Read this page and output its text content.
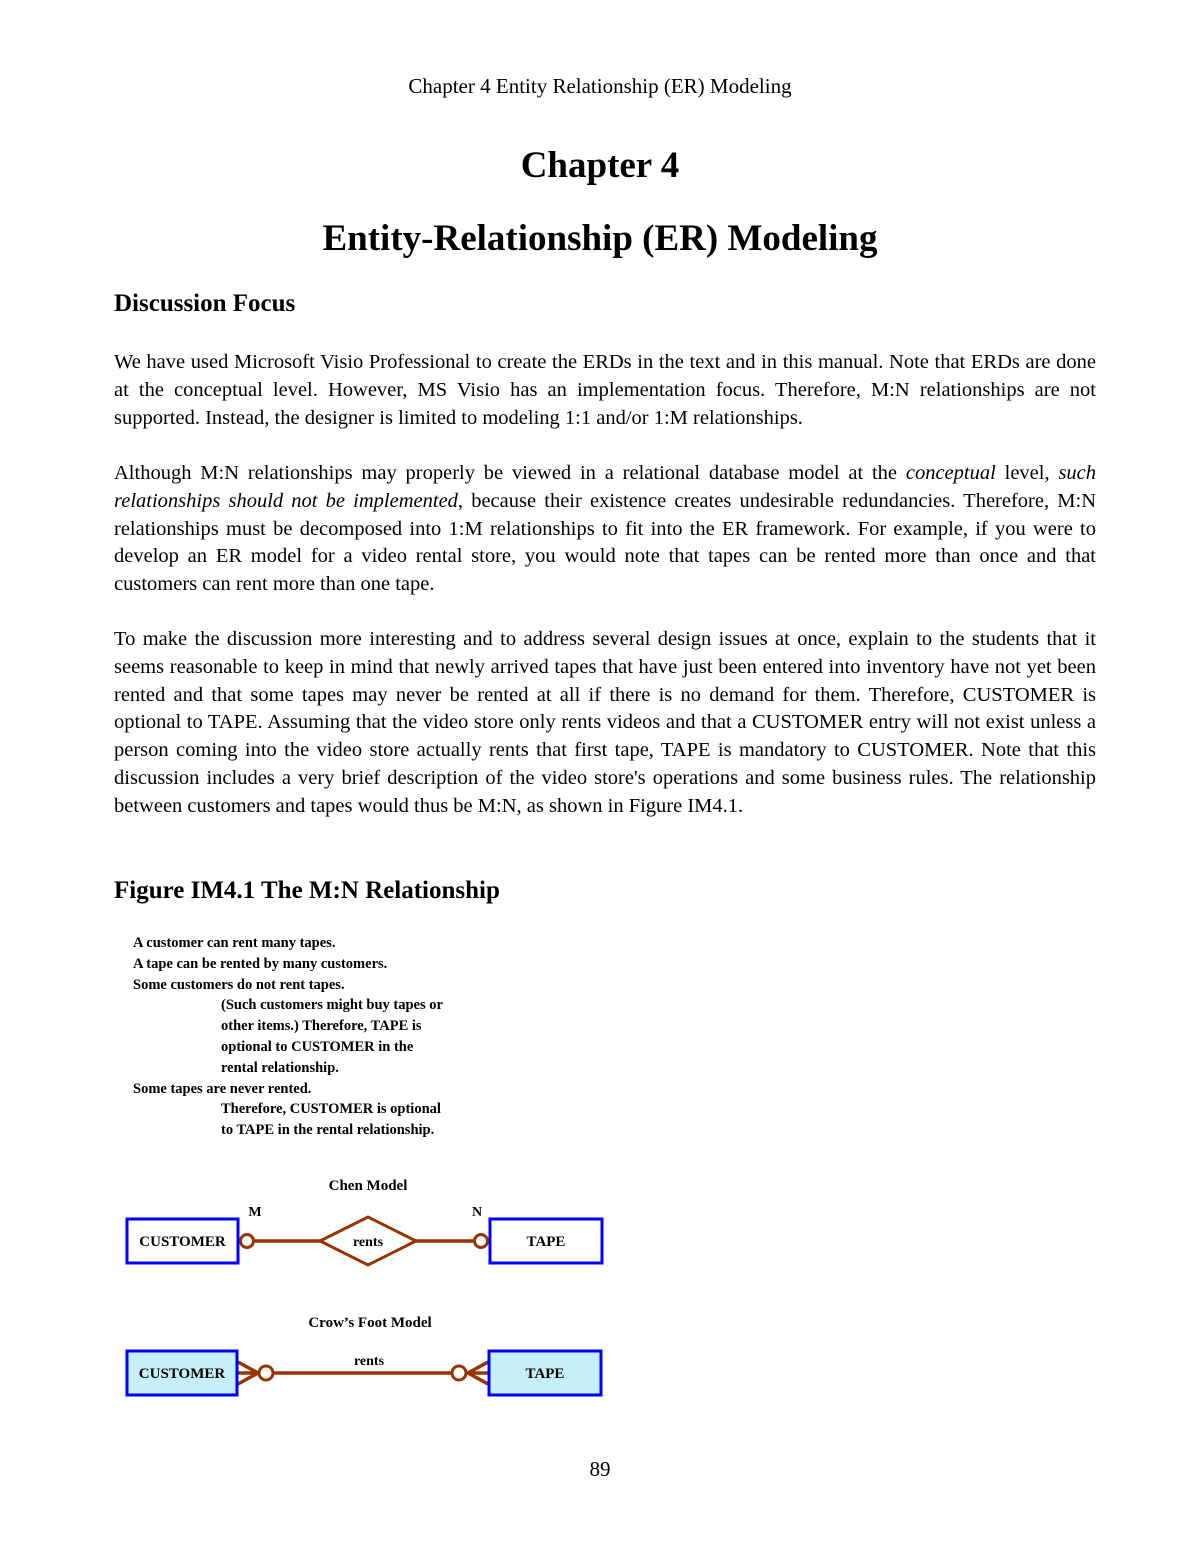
Chapter 4 Entity Relationship (ER) Modeling
Chapter 4
Entity-Relationship (ER) Modeling
Discussion Focus

We have used Microsoft Visio Professional to create the ERDs in the text and in this manual. Note that ERDs are done at the conceptual level. However, MS Visio has an implementation focus. Therefore, M:N relationships are not supported. Instead, the designer is limited to modeling 1:1 and/or 1:M relationships.

Although M:N relationships may properly be viewed in a relational database model at the conceptual level, such relationships should not be implemented, because their existence creates undesirable redundancies. Therefore, M:N relationships must be decomposed into 1:M relationships to fit into the ER framework. For example, if you were to develop an ER model for a video rental store, you would note that tapes can be rented more than once and that customers can rent more than one tape.

To make the discussion more interesting and to address several design issues at once, explain to the students that it seems reasonable to keep in mind that newly arrived tapes that have just been entered into inventory have not yet been rented and that some tapes may never be rented at all if there is no demand for them. Therefore, CUSTOMER is optional to TAPE. Assuming that the video store only rents videos and that a CUSTOMER entry will not exist unless a person coming into the video store actually rents that first tape, TAPE is mandatory to CUSTOMER. Note that this discussion includes a very brief description of the video store's operations and some business rules. The relationship between customers and tapes would thus be M:N, as shown in Figure IM4.1.

Figure IM4.1 The M:N Relationship
A customer can rent many tapes.
A tape can be rented by many customers.
Some customers do not rent tapes.
(Such customers might buy tapes or
other items.) Therefore, TAPE is
optional to CUSTOMER in the
rental relationship.
Some tapes are never rented.
Therefore, CUSTOMER is optional
to TAPE in the rental relationship.
Chen Model
M	N
CUSTOMER	TAPE
rents
Crow’s Foot Model
rents
CUSTOMER	TAPE
89
